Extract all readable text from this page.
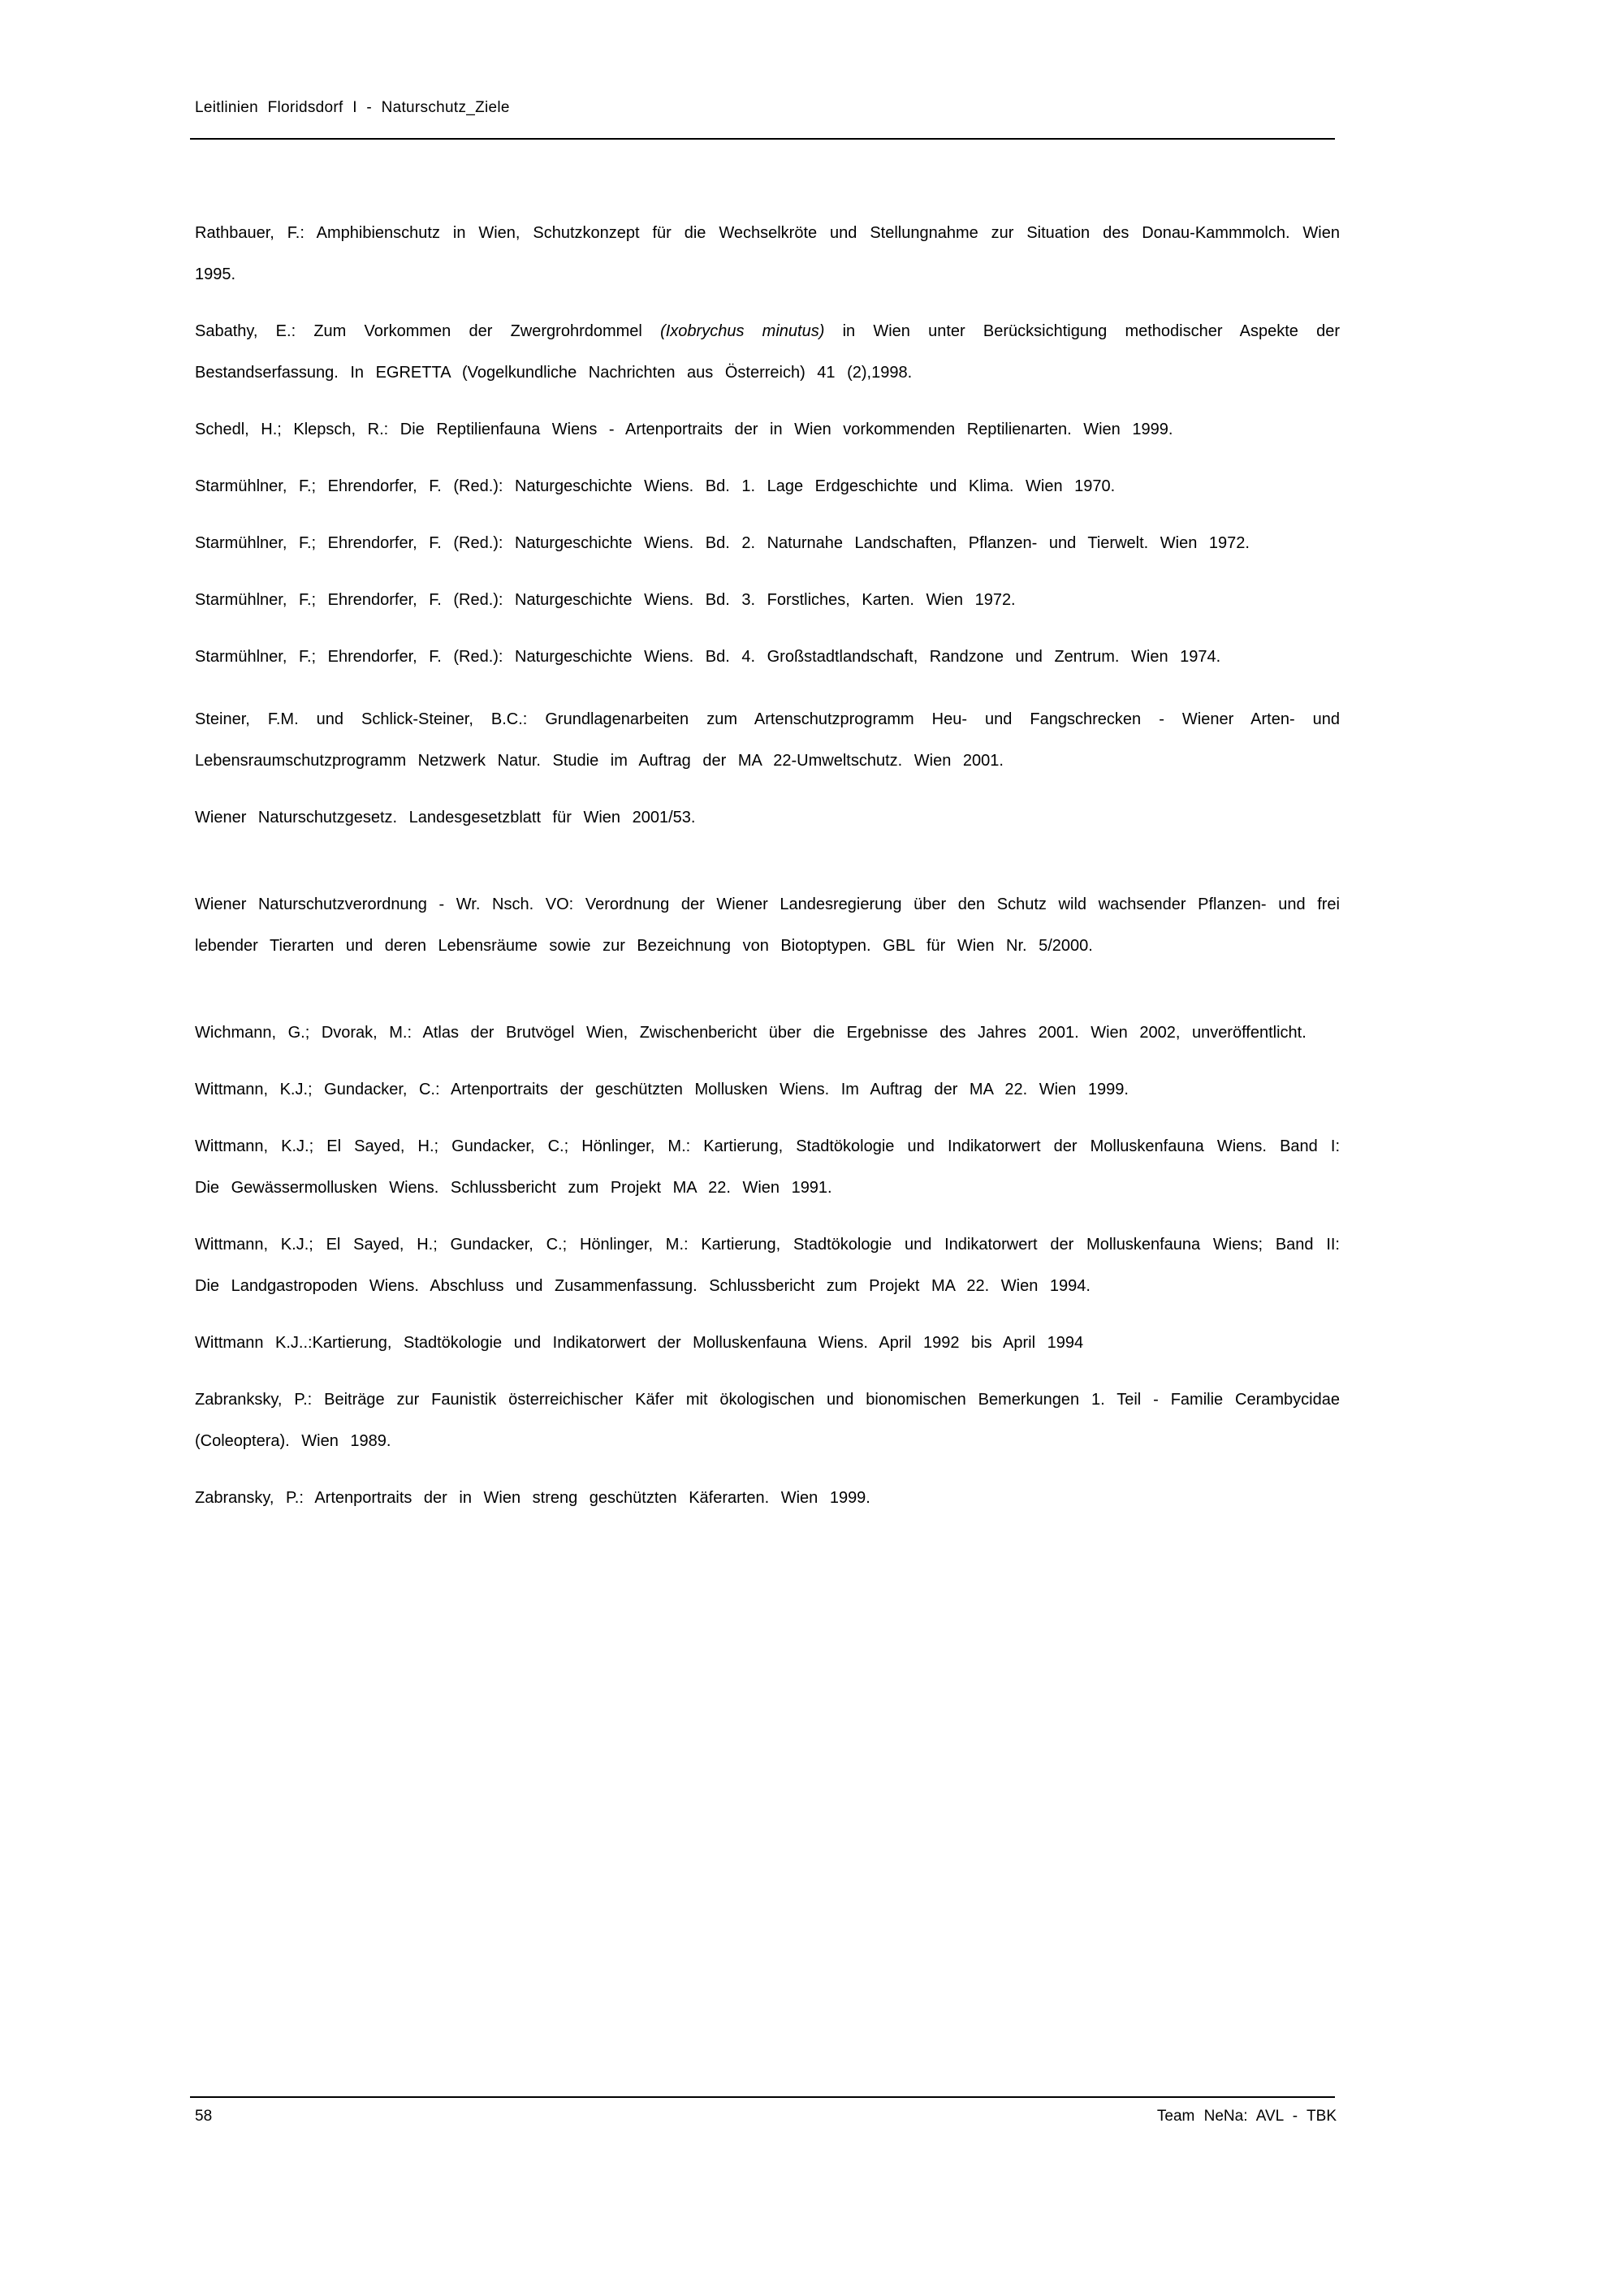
Leitlinien Floridsdorf I - Naturschutz_Ziele

Rathbauer, F.: Amphibienschutz in Wien, Schutzkonzept für die Wechselkröte und Stellungnahme zur Situation des Donau-Kammmolch. Wien 1995.

Sabathy, E.: Zum Vorkommen der Zwergrohrdommel (Ixobrychus minutus) in Wien unter Berücksichtigung methodischer Aspekte der Bestandserfassung. In EGRETTA (Vogelkundliche Nachrichten aus Österreich) 41 (2),1998.

Schedl, H.; Klepsch, R.: Die Reptilienfauna Wiens - Artenportraits der in Wien vorkommenden Reptilienarten. Wien 1999.

Starmühlner, F.; Ehrendorfer, F. (Red.): Naturgeschichte Wiens. Bd. 1. Lage Erdgeschichte und Klima. Wien 1970.

Starmühlner, F.; Ehrendorfer, F. (Red.): Naturgeschichte Wiens. Bd. 2. Naturnahe Landschaften, Pflanzen- und Tierwelt. Wien 1972.

Starmühlner, F.; Ehrendorfer, F. (Red.): Naturgeschichte Wiens. Bd. 3. Forstliches, Karten. Wien 1972.

Starmühlner, F.; Ehrendorfer, F. (Red.): Naturgeschichte Wiens. Bd. 4. Großstadtlandschaft, Randzone und Zentrum. Wien 1974.

Steiner, F.M. und Schlick-Steiner, B.C.: Grundlagenarbeiten zum Artenschutzprogramm Heu- und Fangschrecken - Wiener Arten- und Lebensraumschutzprogramm Netzwerk Natur. Studie im Auftrag der MA 22-Umweltschutz. Wien 2001.

Wiener Naturschutzgesetz. Landesgesetzblatt für Wien 2001/53.

Wiener Naturschutzverordnung - Wr. Nsch. VO: Verordnung der Wiener Landesregierung über den Schutz wild wachsender Pflanzen- und frei lebender Tierarten und deren Lebensräume sowie zur Bezeichnung von Biotoptypen. GBL für Wien Nr. 5/2000.

Wichmann, G.; Dvorak, M.: Atlas der Brutvögel Wien, Zwischenbericht über die Ergebnisse des Jahres 2001. Wien 2002, unveröffentlicht.

Wittmann, K.J.; Gundacker, C.: Artenportraits der geschützten Mollusken Wiens. Im Auftrag der MA 22. Wien 1999.

Wittmann, K.J.; El Sayed, H.; Gundacker, C.; Hönlinger, M.: Kartierung, Stadtökologie und Indikatorwert der Molluskenfauna Wiens. Band I: Die Gewässermollusken Wiens. Schlussbericht zum Projekt MA 22. Wien 1991.

Wittmann, K.J.; El Sayed, H.; Gundacker, C.; Hönlinger, M.: Kartierung, Stadtökologie und Indikatorwert der Molluskenfauna Wiens; Band II: Die Landgastropoden Wiens. Abschluss und Zusammenfassung. Schlussbericht zum Projekt MA 22. Wien 1994.

Wittmann K.J..:Kartierung, Stadtökologie und Indikatorwert der Molluskenfauna Wiens. April 1992 bis April 1994

Zabranksky, P.: Beiträge zur Faunistik österreichischer Käfer mit ökologischen und bionomischen Bemerkungen 1. Teil - Familie Cerambycidae (Coleoptera). Wien 1989.

Zabransky, P.: Artenportraits der in Wien streng geschützten Käferarten. Wien 1999.

58	Team NeNa: AVL - TBK
